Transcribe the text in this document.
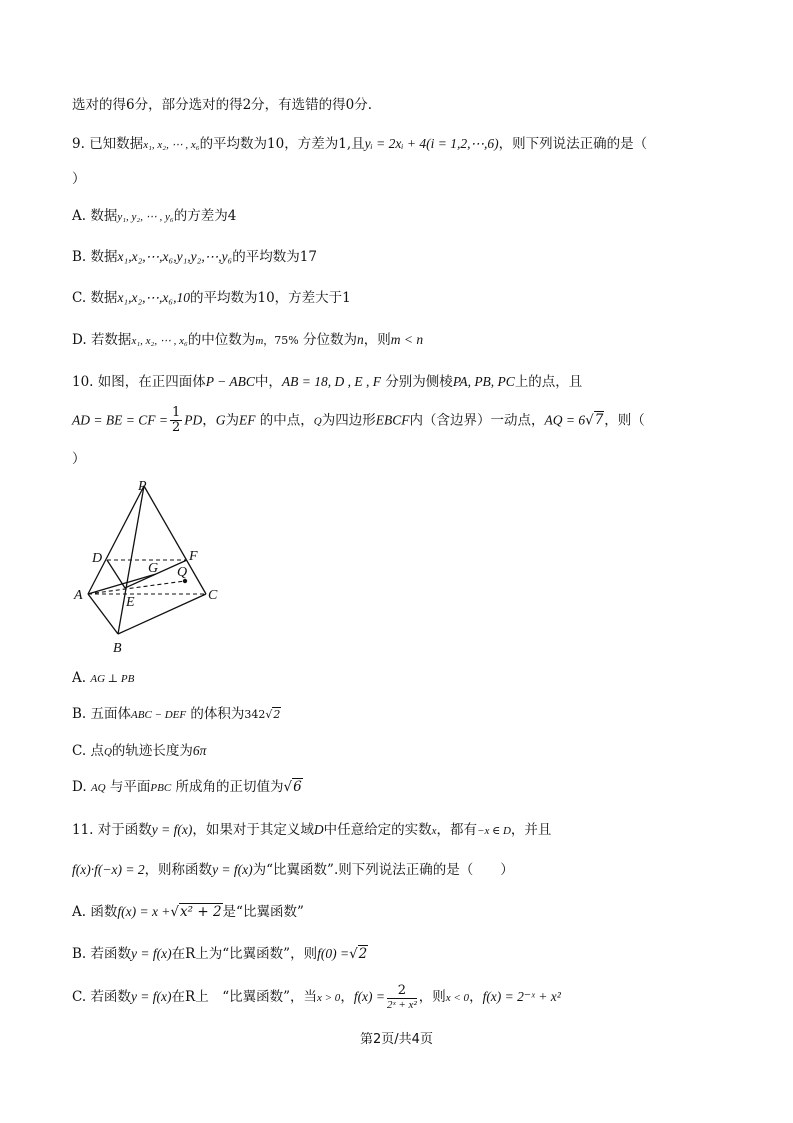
选对的得6分，部分选对的得2分，有选错的得0分.
9. 已知数据x₁, x₂, ⋯ , x₆的平均数为10，方差为1,且yᵢ = 2xᵢ + 4(i = 1,2,⋯,6)，则下列说法正确的是（
）
A. 数据y₁, y₂, ⋯ , y₆的方差为4
B. 数据x₁,x₂,⋯,x₆,y₁,y₂,⋯,y₆的平均数为17
C. 数据x₁,x₂,⋯,x₆,10的平均数为10，方差大于1
D. 若数据x₁, x₂, ⋯ , x₆的中位数为m，75% 分位数为n，则m < n
10. 如图，在正四面体P − ABC中，AB = 18, D , E , F 分别为侧棱PA, PB, PC上的点，且
AD = BE = CF = $\frac{1}{2}$ PD，G为EF 的中点，Q为四边形EBCF内（含边界）一动点，AQ = 6√7，则（
）
P
D	F
G Q
A	E	C
B
A. AG ⊥ PB
B. 五面体ABC − DEF 的体积为342√2
C. 点Q的轨迹长度为6π
D. AQ 与平面PBC 所成角的正切值为√6
11. 对于函数y = f(x)，如果对于其定义域D中任意给定的实数x，都有−x ∈ D，并且
f(x)·f(−x) = 2，则称函数y = f(x)为“比翼函数”.则下列说法正确的是（　　）
A. 函数f(x) = x +√x² + 2是“比翼函数”
B. 若函数y = f(x)在R上为“比翼函数”，则f(0) =√2
C. 若函数y = f(x)在R上　“比翼函数”，当x > 0，$f(x) = \frac{2}{\text{2ˣ + x²}}$ ，则x < 0，f(x) = 2⁻ˣ + x²
第2页/共4页
